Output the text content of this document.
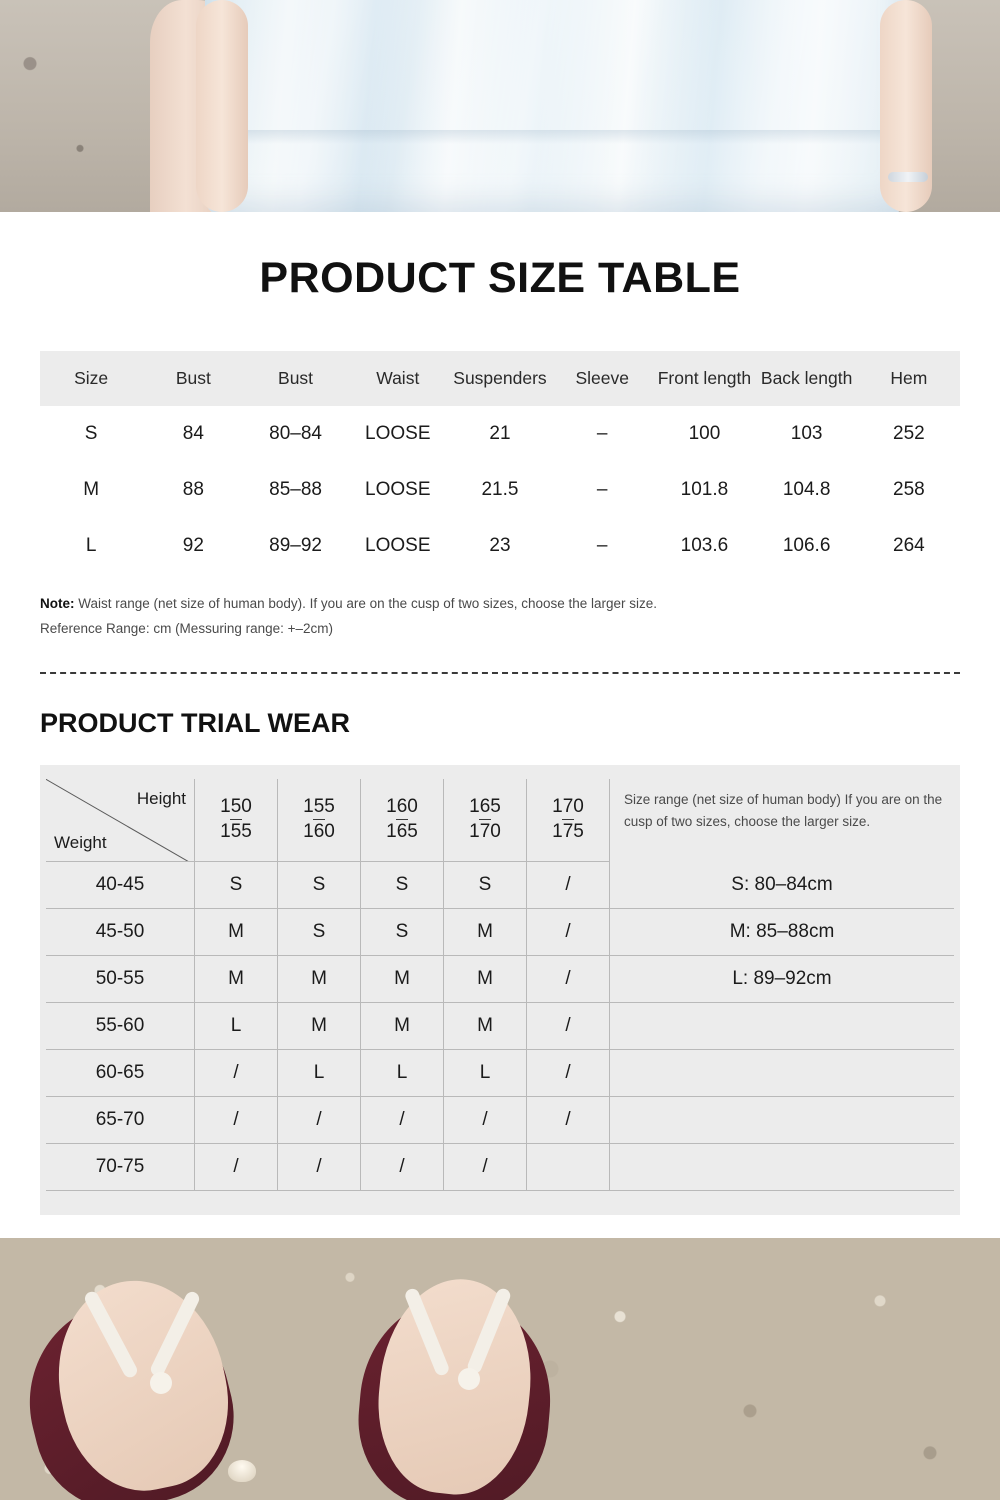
PRODUCT SIZE TABLE
Size	Bust	Bust	Waist	Suspenders	Sleeve	Front length	Back length	Hem
S	84	80–84	LOOSE	21	–	100	103	252
M	88	85–88	LOOSE	21.5	–	101.8	104.8	258
L	92	89–92	LOOSE	23	–	103.6	106.6	264
Note: Waist range (net size of human body). If you are on the cusp of two sizes, choose the larger size.
Reference Range: cm (Messuring range: +–2cm)
PRODUCT TRIAL WEAR
Height
Weight	$\frac{150}{155}$	$\frac{155}{160}$	$\frac{160}{165}$	$\frac{165}{170}$	$\frac{170}{175}$	Size range (net size of human body) If you are on the cusp of two sizes, choose the larger size.
40-45	S	S	S	S	/	S: 80–84cm
45-50	M	S	S	M	/	M: 85–88cm
50-55	M	M	M	M	/	L: 89–92cm
55-60	L	M	M	M	/	
60-65	/	L	L	L	/	
65-70	/	/	/	/	/	
70-75	/	/	/	/		
